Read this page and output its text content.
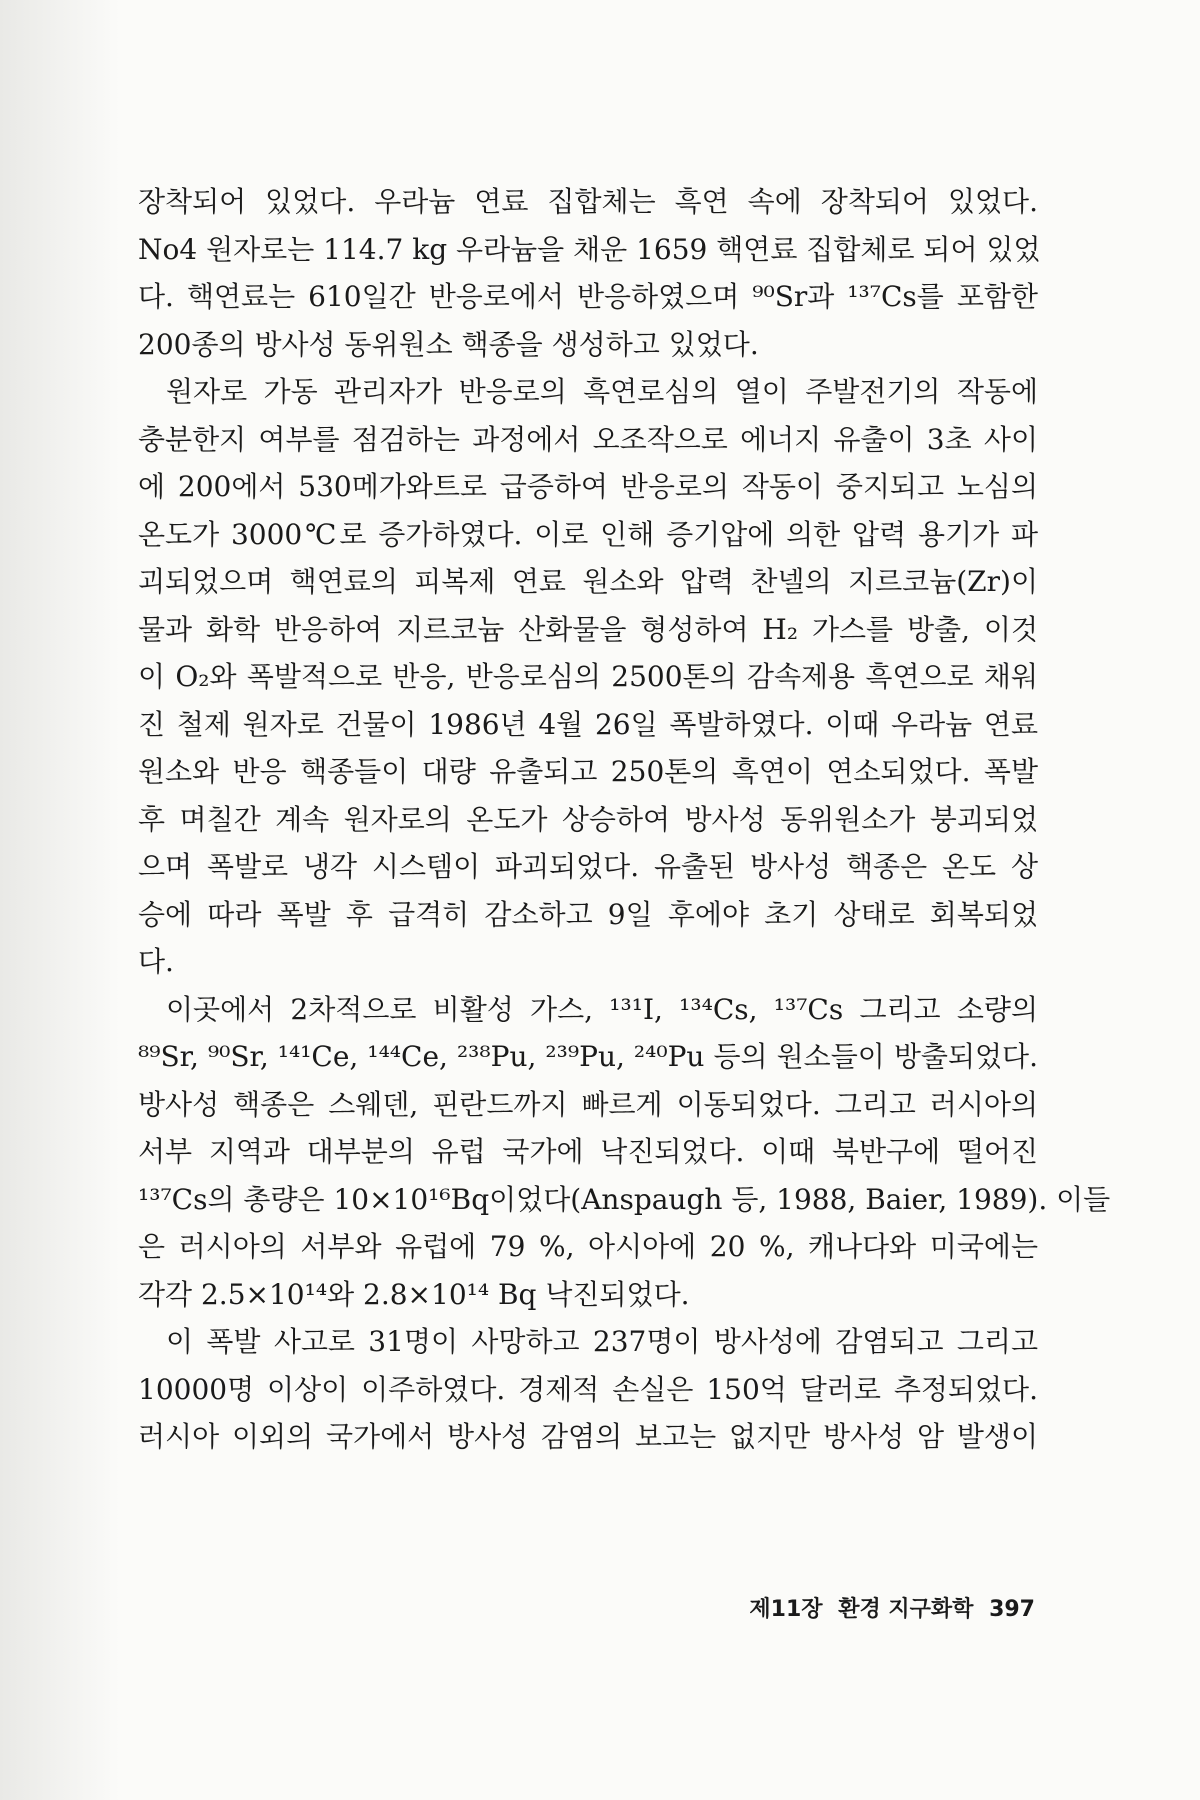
장착되어 있었다. 우라늄 연료 집합체는 흑연 속에 장착되어 있었다.
No4 원자로는 114.7 kg 우라늄을 채운 1659 핵연료 집합체로 되어 있었
다. 핵연료는 610일간 반응로에서 반응하였으며 ⁹⁰Sr과 ¹³⁷Cs를 포함한
200종의 방사성 동위원소 핵종을 생성하고 있었다.
원자로 가동 관리자가 반응로의 흑연로심의 열이 주발전기의 작동에
충분한지 여부를 점검하는 과정에서 오조작으로 에너지 유출이 3초 사이
에 200에서 530메가와트로 급증하여 반응로의 작동이 중지되고 노심의
온도가 3000℃로 증가하였다. 이로 인해 증기압에 의한 압력 용기가 파
괴되었으며 핵연료의 피복제 연료 원소와 압력 찬넬의 지르코늄(Zr)이
물과 화학 반응하여 지르코늄 산화물을 형성하여 H₂ 가스를 방출, 이것
이 O₂와 폭발적으로 반응, 반응로심의 2500톤의 감속제용 흑연으로 채워
진 철제 원자로 건물이 1986년 4월 26일 폭발하였다. 이때 우라늄 연료
원소와 반응 핵종들이 대량 유출되고 250톤의 흑연이 연소되었다. 폭발
후 며칠간 계속 원자로의 온도가 상승하여 방사성 동위원소가 붕괴되었
으며 폭발로 냉각 시스템이 파괴되었다. 유출된 방사성 핵종은 온도 상
승에 따라 폭발 후 급격히 감소하고 9일 후에야 초기 상태로 회복되었
다.
이곳에서 2차적으로 비활성 가스, ¹³¹I, ¹³⁴Cs, ¹³⁷Cs 그리고 소량의
⁸⁹Sr, ⁹⁰Sr, ¹⁴¹Ce, ¹⁴⁴Ce, ²³⁸Pu, ²³⁹Pu, ²⁴⁰Pu 등의 원소들이 방출되었다.
방사성 핵종은 스웨덴, 핀란드까지 빠르게 이동되었다. 그리고 러시아의
서부 지역과 대부분의 유럽 국가에 낙진되었다. 이때 북반구에 떨어진
¹³⁷Cs의 총량은 10×10¹⁶Bq이었다(Anspaugh 등, 1988, Baier, 1989). 이들
은 러시아의 서부와 유럽에 79 %, 아시아에 20 %, 캐나다와 미국에는
각각 2.5×10¹⁴와 2.8×10¹⁴ Bq 낙진되었다.
이 폭발 사고로 31명이 사망하고 237명이 방사성에 감염되고 그리고
10000명 이상이 이주하였다. 경제적 손실은 150억 달러로 추정되었다.
러시아 이외의 국가에서 방사성 감염의 보고는 없지만 방사성 암 발생이
제11장 환경 지구화학 397
